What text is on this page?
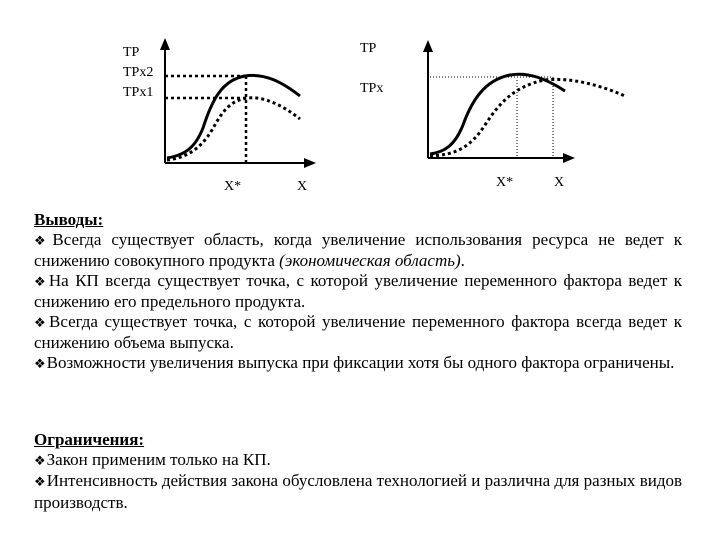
TP
TPx2
TPx1
X*	X
TP
TPx
X*	X
Выводы:
❖Всегда существует область, когда увеличение использования ресурса не ведет к снижению совокупного продукта (экономическая область).
❖На КП всегда существует точка, с которой увеличение переменного фактора ведет к снижению его предельного продукта.
❖Всегда существует точка, с которой увеличение переменного фактора всегда ведет к снижению объема выпуска.
❖Возможности увеличения выпуска при фиксации хотя бы одного фактора ограничены.
Ограничения:
❖Закон применим только на КП.
❖Интенсивность действия закона обусловлена технологией и различна для разных видов производств.
